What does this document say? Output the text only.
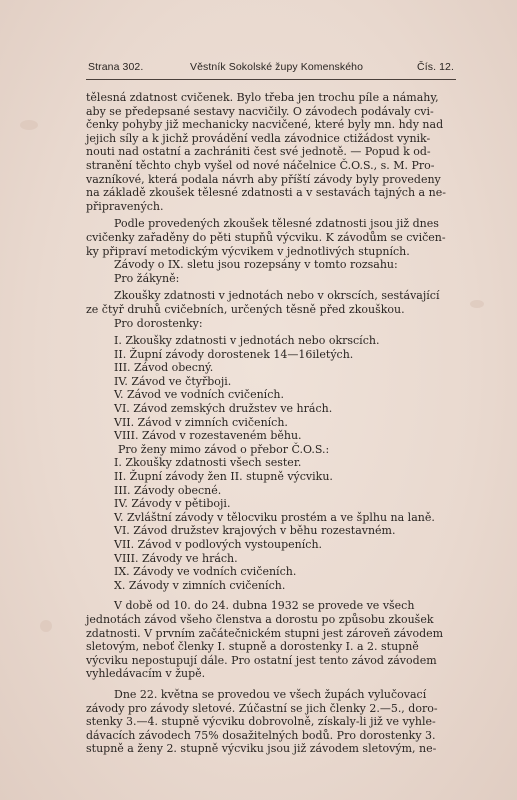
Strana 302.	Věstník Sokolské župy Komenského	Čís. 12.
tělesná zdatnost cvičenek. Bylo třeba jen trochu píle a námahy,
aby se předepsané sestavy nacvičily. O závodech podávaly cvi-
čenky pohyby již mechanicky nacvičené, které byly mn. hdy nad
jejich síly a k jichž provádění vedla závodnice ctižádost vynik-
nouti nad ostatní a zachrániti čest své jednotě. — Popud k od-
stranění těchto chyb vyšel od nové náčelnice Č.O.S., s. M. Pro-
vazníkové, která podala návrh aby příští závody byly provedeny
na základě zkoušek tělesné zdatnosti a v sestavách tajných a ne-
připravených.
Podle provedených zkoušek tělesné zdatnosti jsou již dnes
cvičenky zařaděny do pěti stupňů výcviku. K závodům se cvičen-
ky připraví metodickým výcvikem v jednotlivých stupních.
Závody o IX. sletu jsou rozepsány v tomto rozsahu:
Pro žákyně:
Zkoušky zdatnosti v jednotách nebo v okrscích, sestávající
ze čtyř druhů cvičebních, určených těsně před zkouškou.
Pro dorostenky:
I. Zkoušky zdatnosti v jednotách nebo okrscích.
II. Župní závody dorostenek 14—16iletých.
III. Závod obecný.
IV. Závod ve čtyřboji.
V. Závod ve vodních cvičeních.
VI. Závod zemských družstev ve hrách.
VII. Závod v zimních cvičeních.
VIII. Závod v rozestaveném běhu.
Pro ženy mimo závod o přebor Č.O.S.:
I. Zkoušky zdatnosti všech sester.
II. Župní závody žen II. stupně výcviku.
III. Závody obecné.
IV. Závody v pětiboji.
V. Zvláštní závody v tělocviku prostém a ve šplhu na laně.
VI. Závod družstev krajových v běhu rozestavném.
VII. Závod v podlových vystoupeních.
VIII. Závody ve hrách.
IX. Závody ve vodních cvičeních.
X. Závody v zimních cvičeních.
V době od 10. do 24. dubna 1932 se provede ve všech
jednotách závod všeho členstva a dorostu po způsobu zkoušek
zdatnosti. V prvním začátečnickém stupni jest zároveň závodem
sletovým, neboť členky I. stupně a dorostenky I. a 2. stupně
výcviku nepostupují dále. Pro ostatní jest tento závod závodem
vyhledávacím v župě.
Dne 22. května se provedou ve všech župách vylučovací
závody pro závody sletové. Zúčastní se jich členky 2.—5., doro-
stenky 3.—4. stupně výcviku dobrovolně, získaly-li již ve vyhle-
dávacích závodech 75% dosažitelných bodů. Pro dorostenky 3.
stupně a ženy 2. stupně výcviku jsou již závodem sletovým, ne-
